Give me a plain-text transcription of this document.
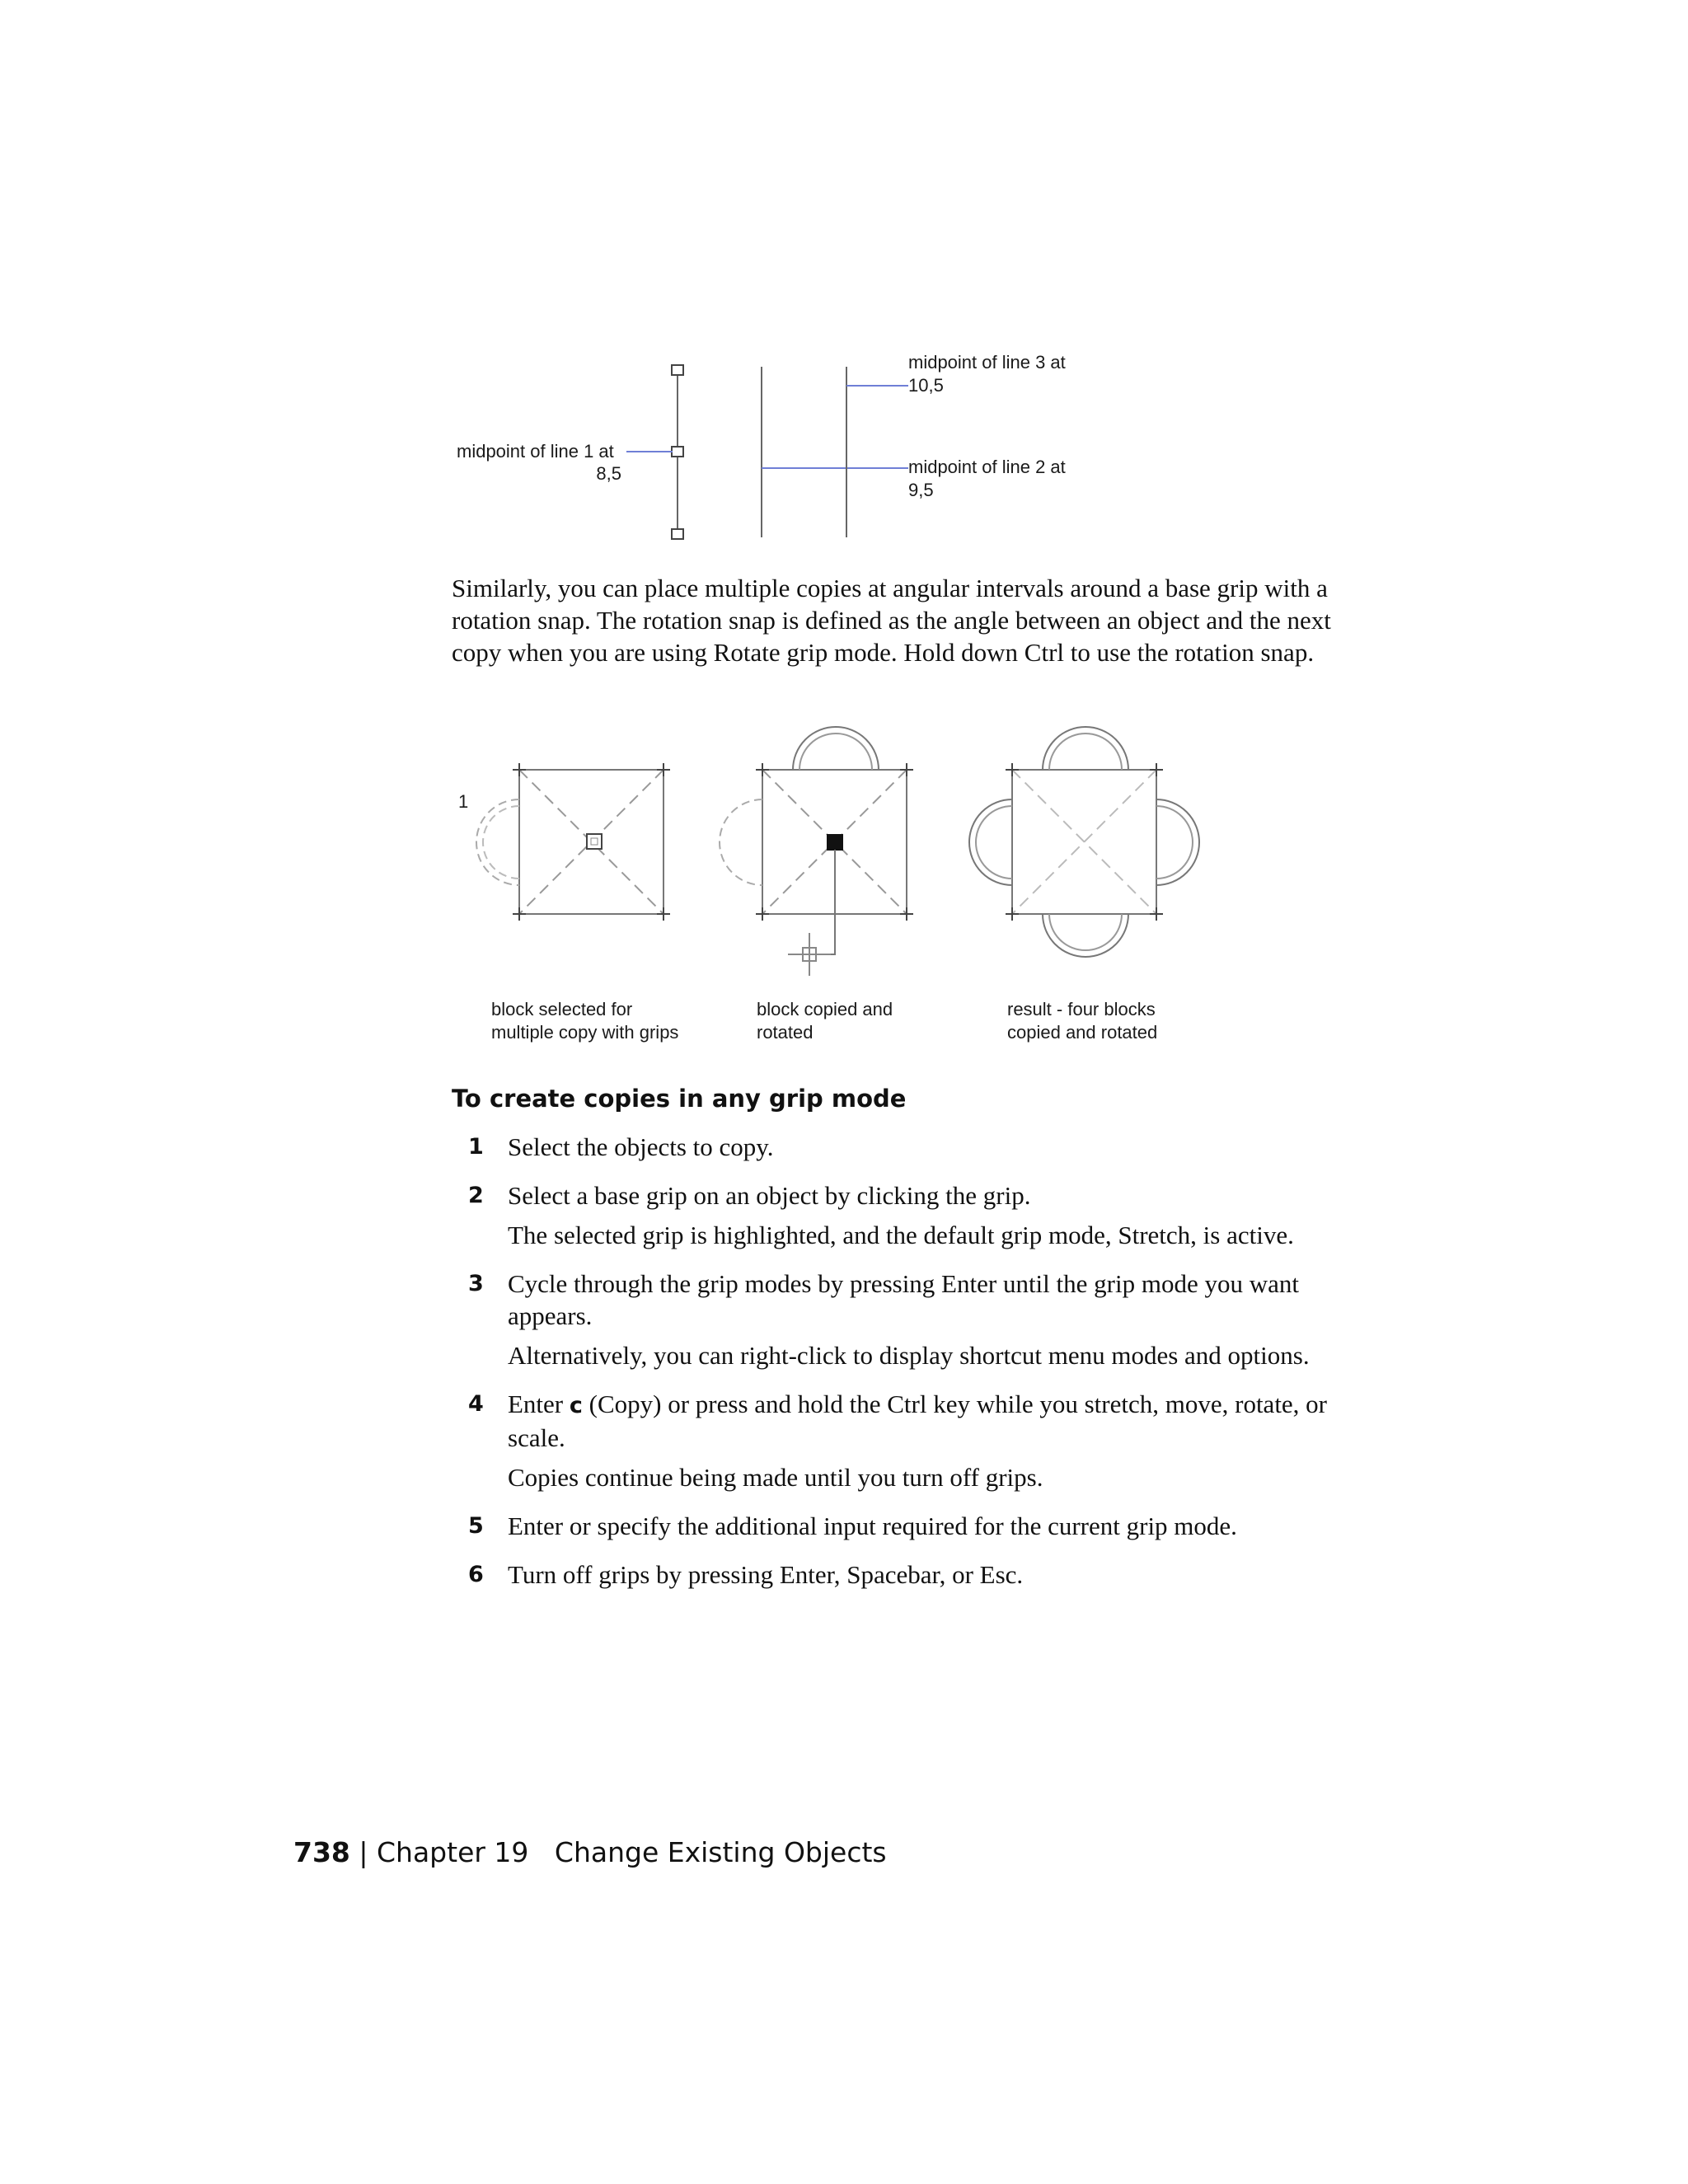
midpoint of line 1 at
8,5
midpoint of line 3 at
10,5
midpoint of line 2 at
9,5

Similarly, you can place multiple copies at angular intervals around a base grip with a rotation snap. The rotation snap is defined as the angle between an object and the next copy when you are using Rotate grip mode. Hold down Ctrl to use the rotation snap.

1
block selected for
multiple copy with grips
block copied and
rotated
result - four blocks
copied and rotated
To create copies in any grip mode
1 Select the objects to copy.

2 Select a base grip on an object by clicking the grip.

The selected grip is highlighted, and the default grip mode, Stretch, is active.

3 Cycle through the grip modes by pressing Enter until the grip mode you want appears.

Alternatively, you can right-click to display shortcut menu modes and options.

4 Enter c (Copy) or press and hold the Ctrl key while you stretch, move, rotate, or scale.

Copies continue being made until you turn off grips.

5 Enter or specify the additional input required for the current grip mode.

6 Turn off grips by pressing Enter, Spacebar, or Esc.

738 | Chapter 19 Change Existing Objects
